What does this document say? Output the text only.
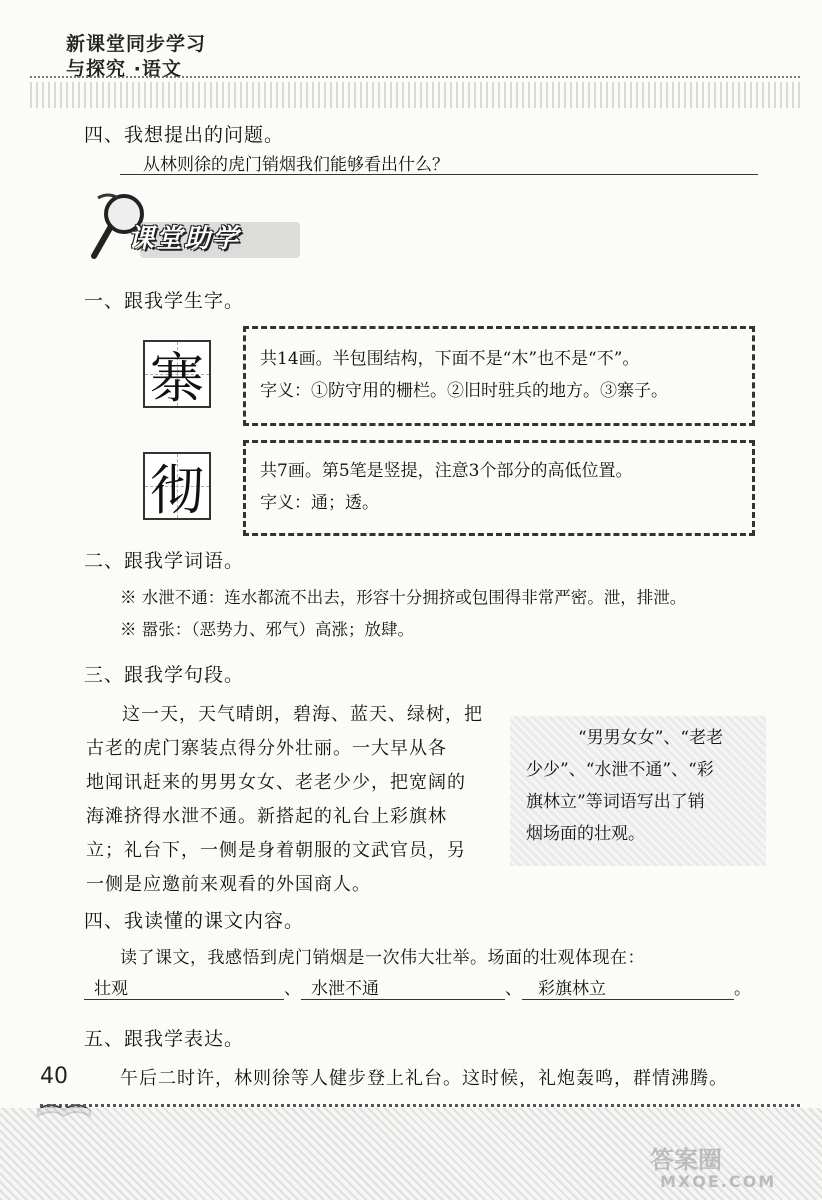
新课堂同步学习
与探究 ·语文
四、我想提出的问题。
从林则徐的虎门销烟我们能够看出什么？
课堂助学
一、跟我学生字。
寨	共14画。半包围结构，下面不是“木”也不是“不”。
字义：①防守用的栅栏。②旧时驻兵的地方。③寨子。
彻	共7画。第5笔是竖提，注意3个部分的高低位置。
字义：通；透。
二、跟我学词语。
※ 水泄不通：连水都流不出去，形容十分拥挤或包围得非常严密。泄，排泄。
※ 嚣张：（恶势力、邪气）高涨；放肆。
三、跟我学句段。
这一天，天气晴朗，碧海、蓝天、绿树，把
古老的虎门寨装点得分外壮丽。一大早从各
地闻讯赶来的男男女女、老老少少，把宽阔的
海滩挤得水泄不通。新搭起的礼台上彩旗林
立；礼台下，一侧是身着朝服的文武官员，另
一侧是应邀前来观看的外国商人。
“男男女女”、“老老
少少”、“水泄不通”、“彩
旗林立”等词语写出了销
烟场面的壮观。
四、我读懂的课文内容。
读了课文，我感悟到虎门销烟是一次伟大壮举。场面的壮观体现在：
壮观	、 水泄不通	、 彩旗林立	。
五、跟我学表达。
午后二时许，林则徐等人健步登上礼台。这时候，礼炮轰鸣，群情沸腾。
40
答案圈
MXQE.COM
